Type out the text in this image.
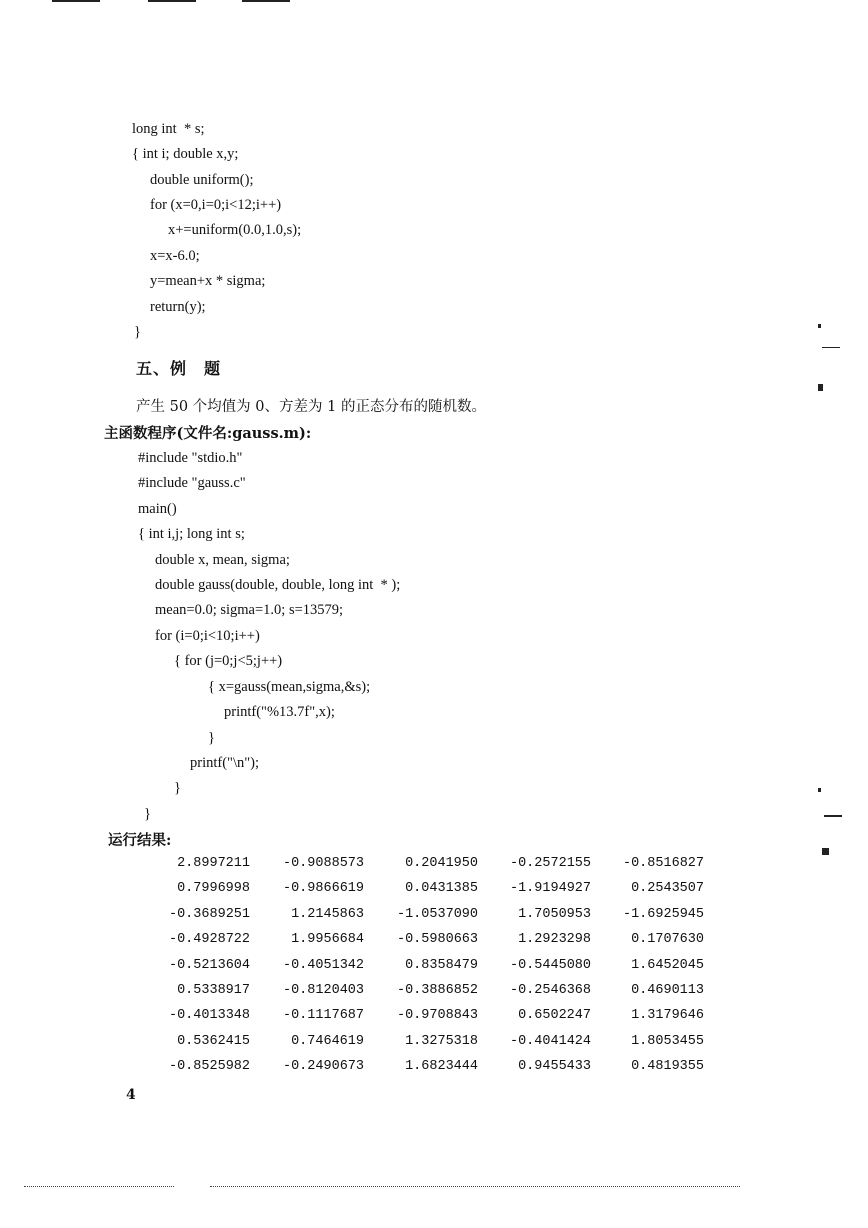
long int  * s;
{ int i; double x,y;
double uniform();
for (x=0,i=0;i<12;i++)
x+=uniform(0.0,1.0,s);
x=x-6.0;
y=mean+x * sigma;
return(y);
}
五、例　题
产生 50 个均值为 0、方差为 1 的正态分布的随机数。
主函数程序(文件名:gauss.m):
#include "stdio.h"
#include "gauss.c"
main()
{ int i,j; long int s;
double x, mean, sigma;
double gauss(double, double, long int  * );
mean=0.0; sigma=1.0; s=13579;
for (i=0;i<10;i++)
{ for (j=0;j<5;j++)
{ x=gauss(mean,sigma,&s);
printf("%13.7f",x);
}
printf("\n");
}
}
运行结果:
2.8997211	-0.9088573	0.2041950	-0.2572155	-0.8516827
0.7996998	-0.9866619	0.0431385	-1.9194927	0.2543507
-0.3689251	1.2145863	-1.0537090	1.7050953	-1.6925945
-0.4928722	1.9956684	-0.5980663	1.2923298	0.1707630
-0.5213604	-0.4051342	0.8358479	-0.5445080	1.6452045
0.5338917	-0.8120403	-0.3886852	-0.2546368	0.4690113
-0.4013348	-0.1117687	-0.9708843	0.6502247	1.3179646
0.5362415	0.7464619	1.3275318	-0.4041424	1.8053455
-0.8525982	-0.2490673	1.6823444	0.9455433	0.4819355
4
